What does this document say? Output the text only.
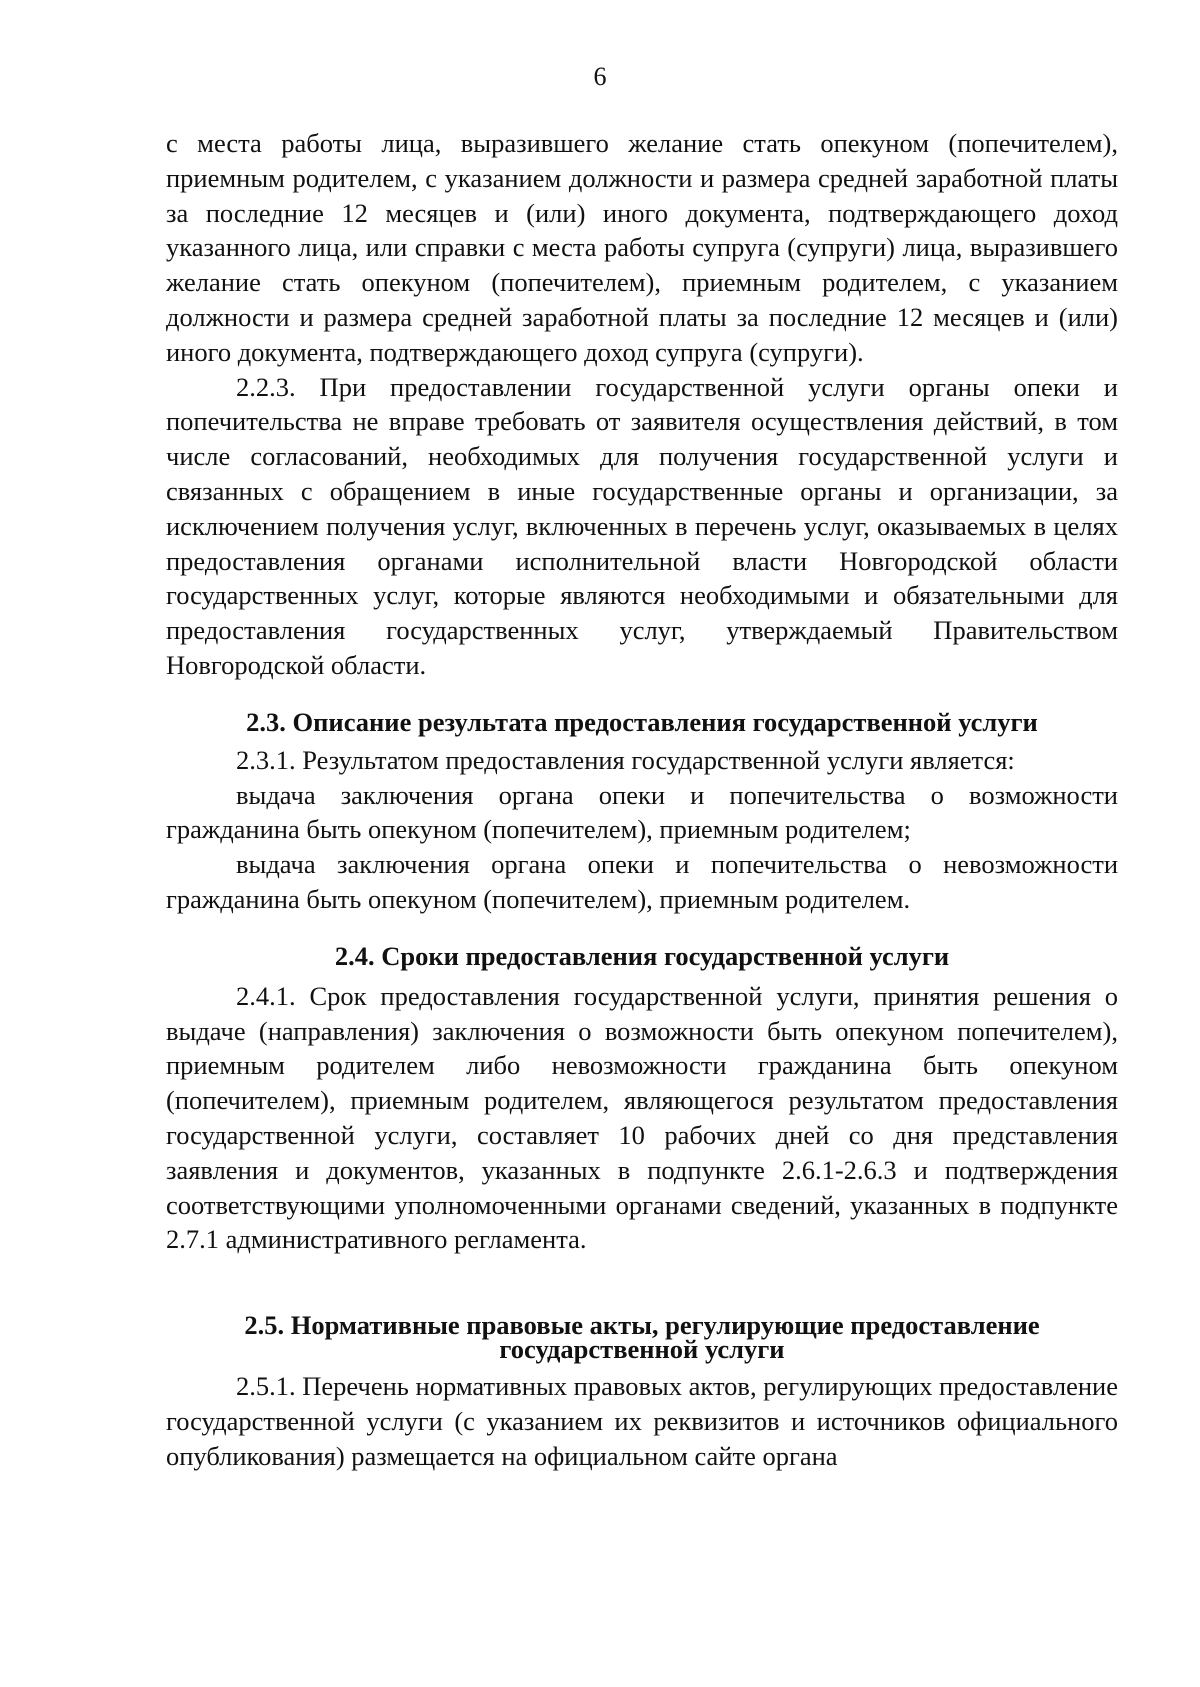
6

с места работы лица, выразившего желание стать опекуном (попечителем), приемным родителем, с указанием должности и размера средней заработной платы за последние 12 месяцев и (или) иного документа, подтверждающего доход указанного лица, или справки с места работы супруга (супруги) лица, выразившего желание стать опекуном (попечителем), приемным родителем, с указанием должности и размера средней заработной платы за последние 12 месяцев и (или) иного документа, подтверждающего доход супруга (супруги).

2.2.3. При предоставлении государственной услуги органы опеки и попечительства не вправе требовать от заявителя осуществления действий, в том числе согласований, необходимых для получения государственной услуги и связанных с обращением в иные государственные органы и организации, за исключением получения услуг, включенных в перечень услуг, оказываемых в целях предоставления органами исполнительной власти Новгородской области государственных услуг, которые являются необходимыми и обязательными для предоставления государственных услуг, утверждаемый Правительством Новгородской области.

2.3. Описание результата предоставления государственной услуги

2.3.1. Результатом предоставления государственной услуги является:

выдача заключения органа опеки и попечительства о возможности гражданина быть опекуном (попечителем), приемным родителем;

выдача заключения органа опеки и попечительства о невозможности гражданина быть опекуном (попечителем), приемным родителем.

2.4. Сроки предоставления государственной услуги

2.4.1. Срок предоставления государственной услуги, принятия решения о выдаче (направления) заключения о возможности быть опекуном попечителем), приемным родителем либо невозможности гражданина быть опекуном (попечителем), приемным родителем, являющегося результатом предоставления государственной услуги, составляет 10 рабочих дней со дня представления заявления и документов, указанных в подпункте 2.6.1-2.6.3 и подтверждения соответствующими уполномоченными органами сведений, указанных в подпункте 2.7.1 административного регламента.

2.5. Нормативные правовые акты, регулирующие предоставление
государственной услуги

2.5.1. Перечень нормативных правовых актов, регулирующих предоставление государственной услуги (с указанием их реквизитов и источников официального опубликования) размещается на официальном сайте органа
